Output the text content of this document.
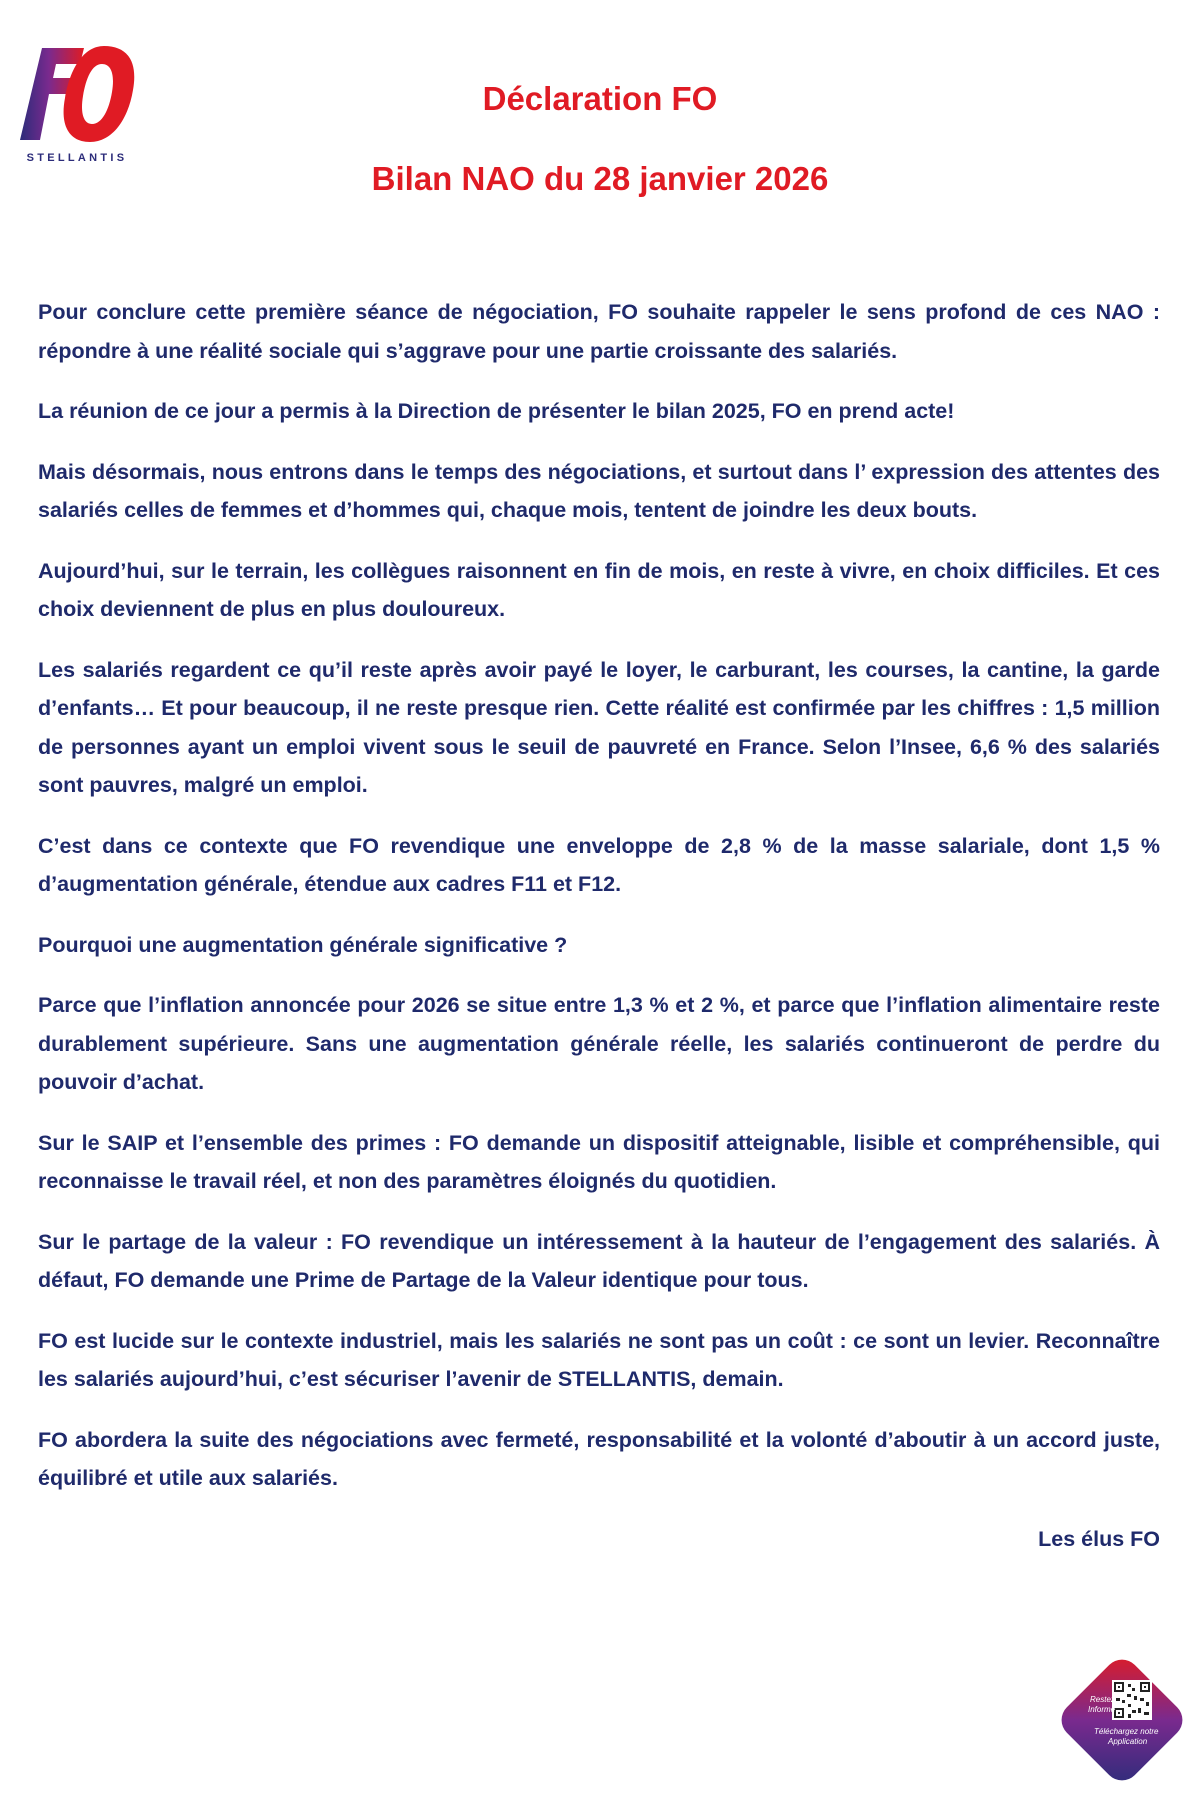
STELLANTIS
Déclaration FO
Bilan NAO du 28 janvier 2026

Pour conclure cette première séance de négociation, FO souhaite rappeler le sens profond de ces NAO : répondre à une réalité sociale qui s’aggrave pour une partie croissante des salariés.

La réunion de ce jour a permis à la Direction de présenter le bilan 2025, FO en prend acte!

Mais désormais, nous entrons dans le temps des négociations, et surtout dans l’ expression des attentes des salariés celles de femmes et d’hommes qui, chaque mois, tentent de joindre les deux bouts.

Aujourd’hui, sur le terrain, les collègues raisonnent en fin de mois, en reste à vivre, en choix difficiles. Et ces choix deviennent de plus en plus douloureux.

Les salariés regardent ce qu’il reste après avoir payé le loyer, le carburant, les courses, la cantine, la garde d’enfants… Et pour beaucoup, il ne reste presque rien. Cette réalité est confirmée par les chiffres : 1,5 million de personnes ayant un emploi vivent sous le seuil de pauvreté en France. Selon l’Insee, 6,6 % des salariés sont pauvres, malgré un emploi.

C’est dans ce contexte que FO revendique une enveloppe de 2,8 % de la masse salariale, dont 1,5 % d’augmentation générale, étendue aux cadres F11 et F12.

Pourquoi une augmentation générale significative ?

Parce que l’inflation annoncée pour 2026 se situe entre 1,3 % et 2 %, et parce que l’inflation alimentaire reste durablement supérieure. Sans une augmentation générale réelle, les salariés continueront de perdre du pouvoir d’achat.

Sur le SAIP et l’ensemble des primes : FO demande un dispositif atteignable, lisible et compréhensible, qui reconnaisse le travail réel, et non des paramètres éloignés du quotidien.

Sur le partage de la valeur : FO revendique un intéressement à la hauteur de l’engagement des salariés. À défaut, FO demande une Prime de Partage de la Valeur identique pour tous.

FO est lucide sur le contexte industriel, mais les salariés ne sont pas un coût : ce sont un levier. Reconnaître les salariés aujourd’hui, c’est sécuriser l’avenir de STELLANTIS, demain.

FO abordera la suite des négociations avec fermeté, responsabilité et la volonté d’aboutir à un accord juste, équilibré et utile aux salariés.

Les élus FO

Restez
Informé
Téléchargez notre
Application
